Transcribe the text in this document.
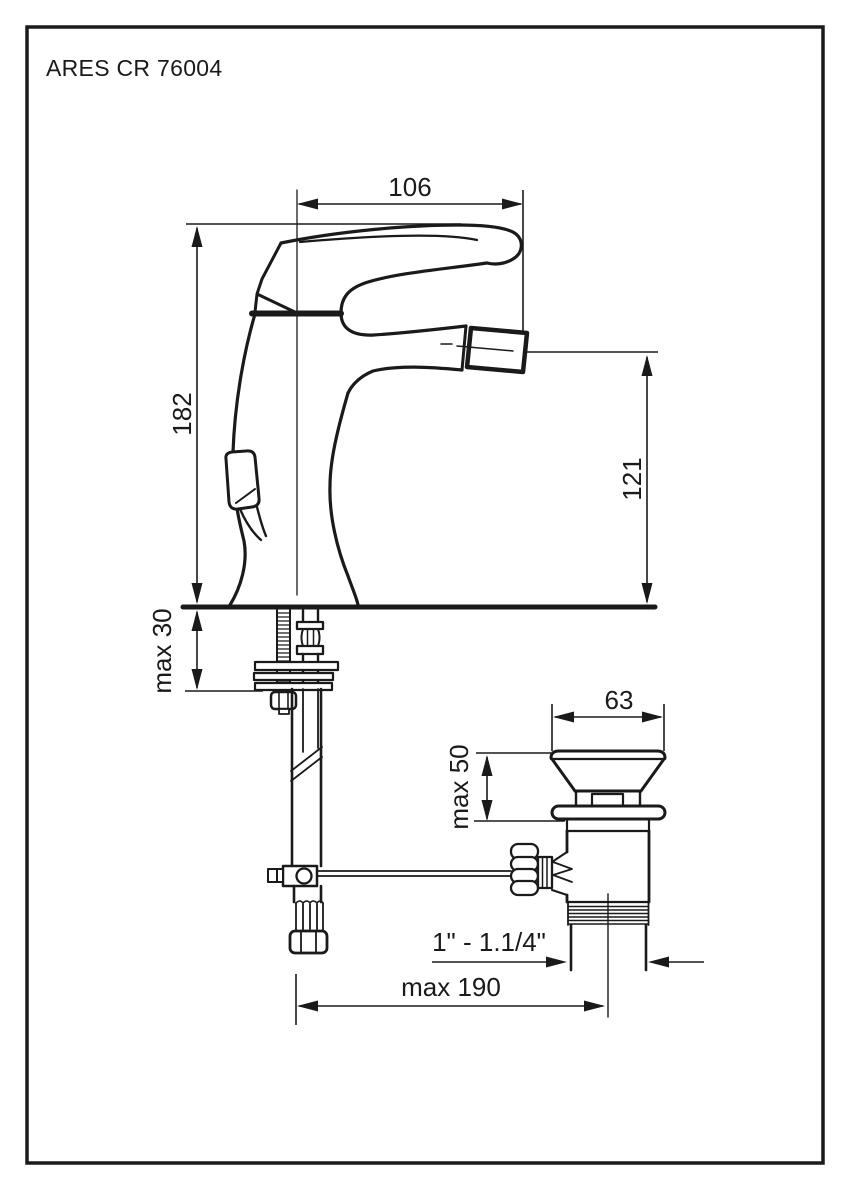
ARES CR 76004
106
182
121
max 30
63
max 50
1" - 1.1/4"
max 190
